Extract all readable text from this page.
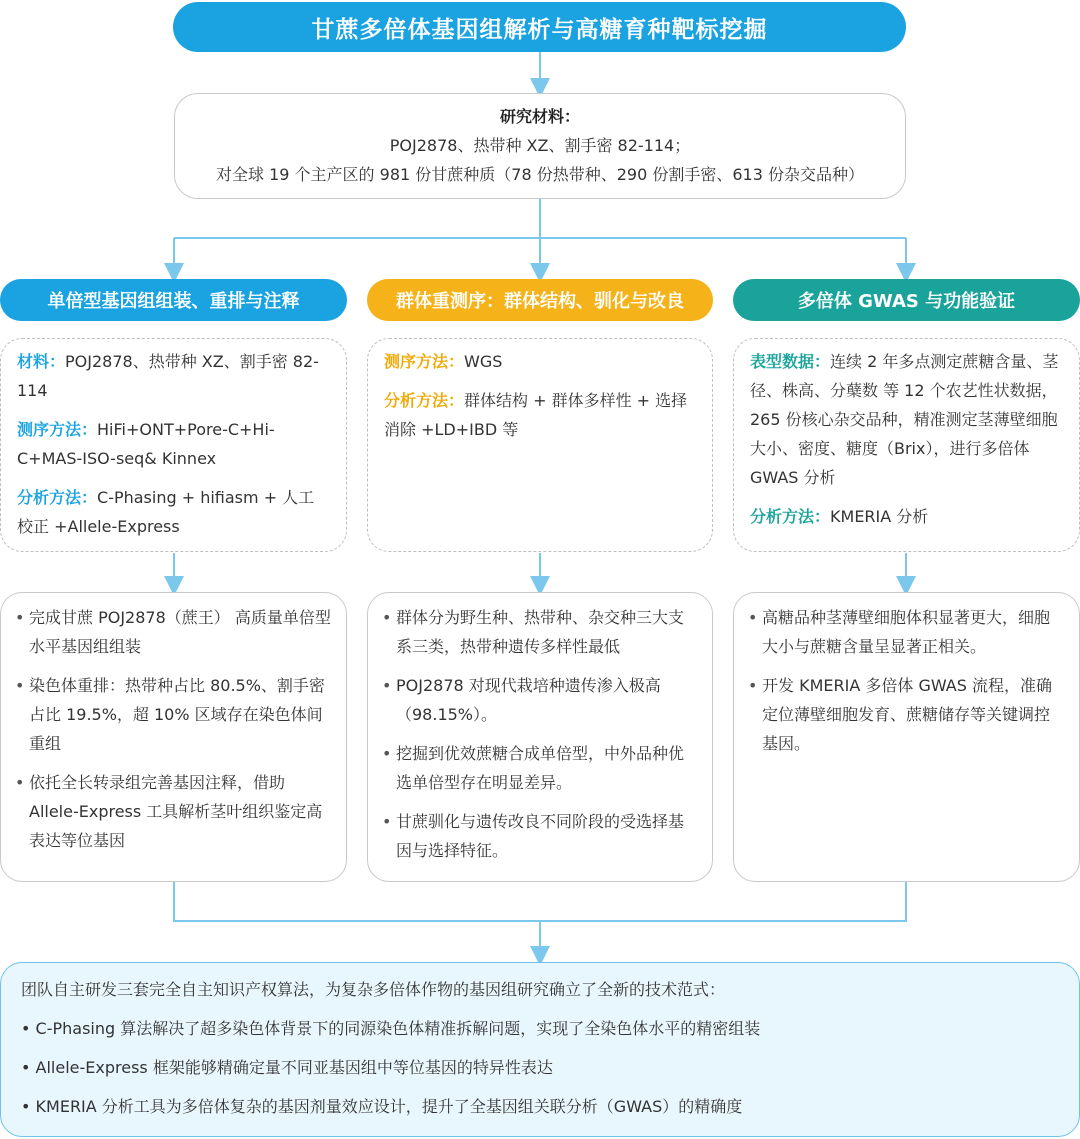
甘蔗多倍体基因组解析与高糖育种靶标挖掘
研究材料：
POJ2878、热带种 XZ、割手密 82-114；
对全球 19 个主产区的 981 份甘蔗种质（78 份热带种、290 份割手密、613 份杂交品种）
单倍型基因组组装、重排与注释	群体重测序：群体结构、驯化与改良	多倍体 GWAS 与功能验证

材料：POJ2878、热带种 XZ、割手密 82-114

测序方法：HiFi+ONT+Pore-C+Hi-C+MAS-ISO-seq& Kinnex

分析方法：C-Phasing + hifiasm + 人工校正 +Allele-Express

测序方法：WGS

分析方法：群体结构 + 群体多样性 + 选择消除 +LD+IBD 等

表型数据：连续 2 年多点测定蔗糖含量、茎径、株高、分蘖数 等 12 个农艺性状数据，265 份核心杂交品种，精准测定茎薄壁细胞大小、密度、糖度（Brix），进行多倍体 GWAS 分析

分析方法：KMERIA 分析

• 完成甘蔗 POJ2878（蔗王） 高质量单倍型水平基因组组装
• 染色体重排：热带种占比 80.5%、割手密占比 19.5%，超 10% 区域存在染色体间重组
• 依托全长转录组完善基因注释，借助 Allele-Express 工具解析茎叶组织鉴定高表达等位基因
• 群体分为野生种、热带种、杂交种三大支系三类，热带种遗传多样性最低
• POJ2878 对现代栽培种遗传渗入极高（98.15%）。
• 挖掘到优效蔗糖合成单倍型，中外品种优选单倍型存在明显差异。
• 甘蔗驯化与遗传改良不同阶段的受选择基因与选择特征。
• 高糖品种茎薄壁细胞体积显著更大，细胞大小与蔗糖含量呈显著正相关。
• 开发 KMERIA 多倍体 GWAS 流程，准确定位薄壁细胞发育、蔗糖储存等关键调控基因。

团队自主研发三套完全自主知识产权算法，为复杂多倍体作物的基因组研究确立了全新的技术范式：

• C-Phasing 算法解决了超多染色体背景下的同源染色体精准拆解问题，实现了全染色体水平的精密组装

• Allele-Express 框架能够精确定量不同亚基因组中等位基因的特异性表达

• KMERIA 分析工具为多倍体复杂的基因剂量效应设计，提升了全基因组关联分析（GWAS）的精确度
